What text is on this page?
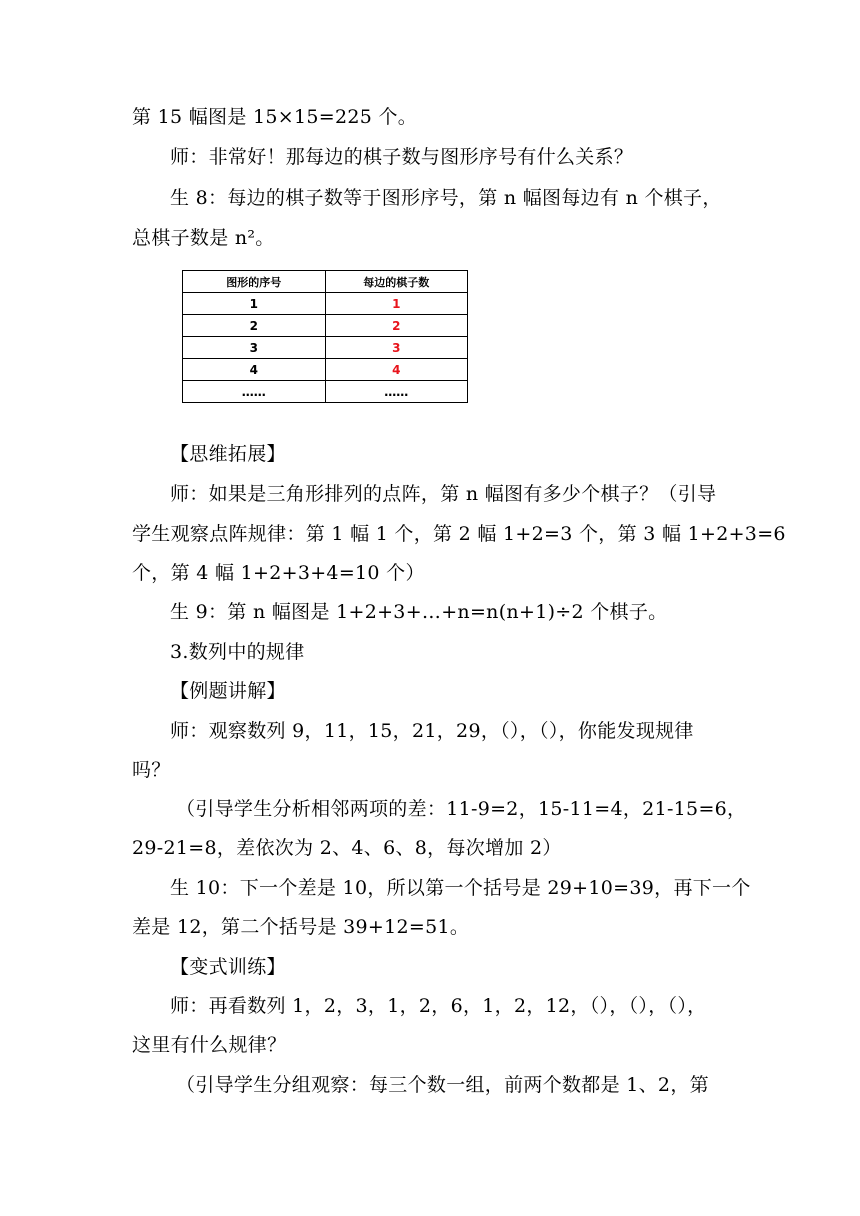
第 15 幅图是 15×15=225 个。
师：非常好！那每边的棋子数与图形序号有什么关系？
生 8：每边的棋子数等于图形序号，第 n 幅图每边有 n 个棋子，
总棋子数是 n²。
图形的序号	每边的棋子数
1	1
2	2
3	3
4	4
……	……
【思维拓展】
师：如果是三角形排列的点阵，第 n 幅图有多少个棋子？（引导
学生观察点阵规律：第 1 幅 1 个，第 2 幅 1+2=3 个，第 3 幅 1+2+3=6
个，第 4 幅 1+2+3+4=10 个）
生 9：第 n 幅图是 1+2+3+…+n=n(n+1)÷2 个棋子。
3.数列中的规律
【例题讲解】
师：观察数列 9，11，15，21，29，（），（），你能发现规律
吗？
（引导学生分析相邻两项的差：11-9=2，15-11=4，21-15=6，
29-21=8，差依次为 2、4、6、8，每次增加 2）
生 10：下一个差是 10，所以第一个括号是 29+10=39，再下一个
差是 12，第二个括号是 39+12=51。
【变式训练】
师：再看数列 1，2，3，1，2，6，1，2，12，（），（），（），
这里有什么规律？
（引导学生分组观察：每三个数一组，前两个数都是 1、2，第
